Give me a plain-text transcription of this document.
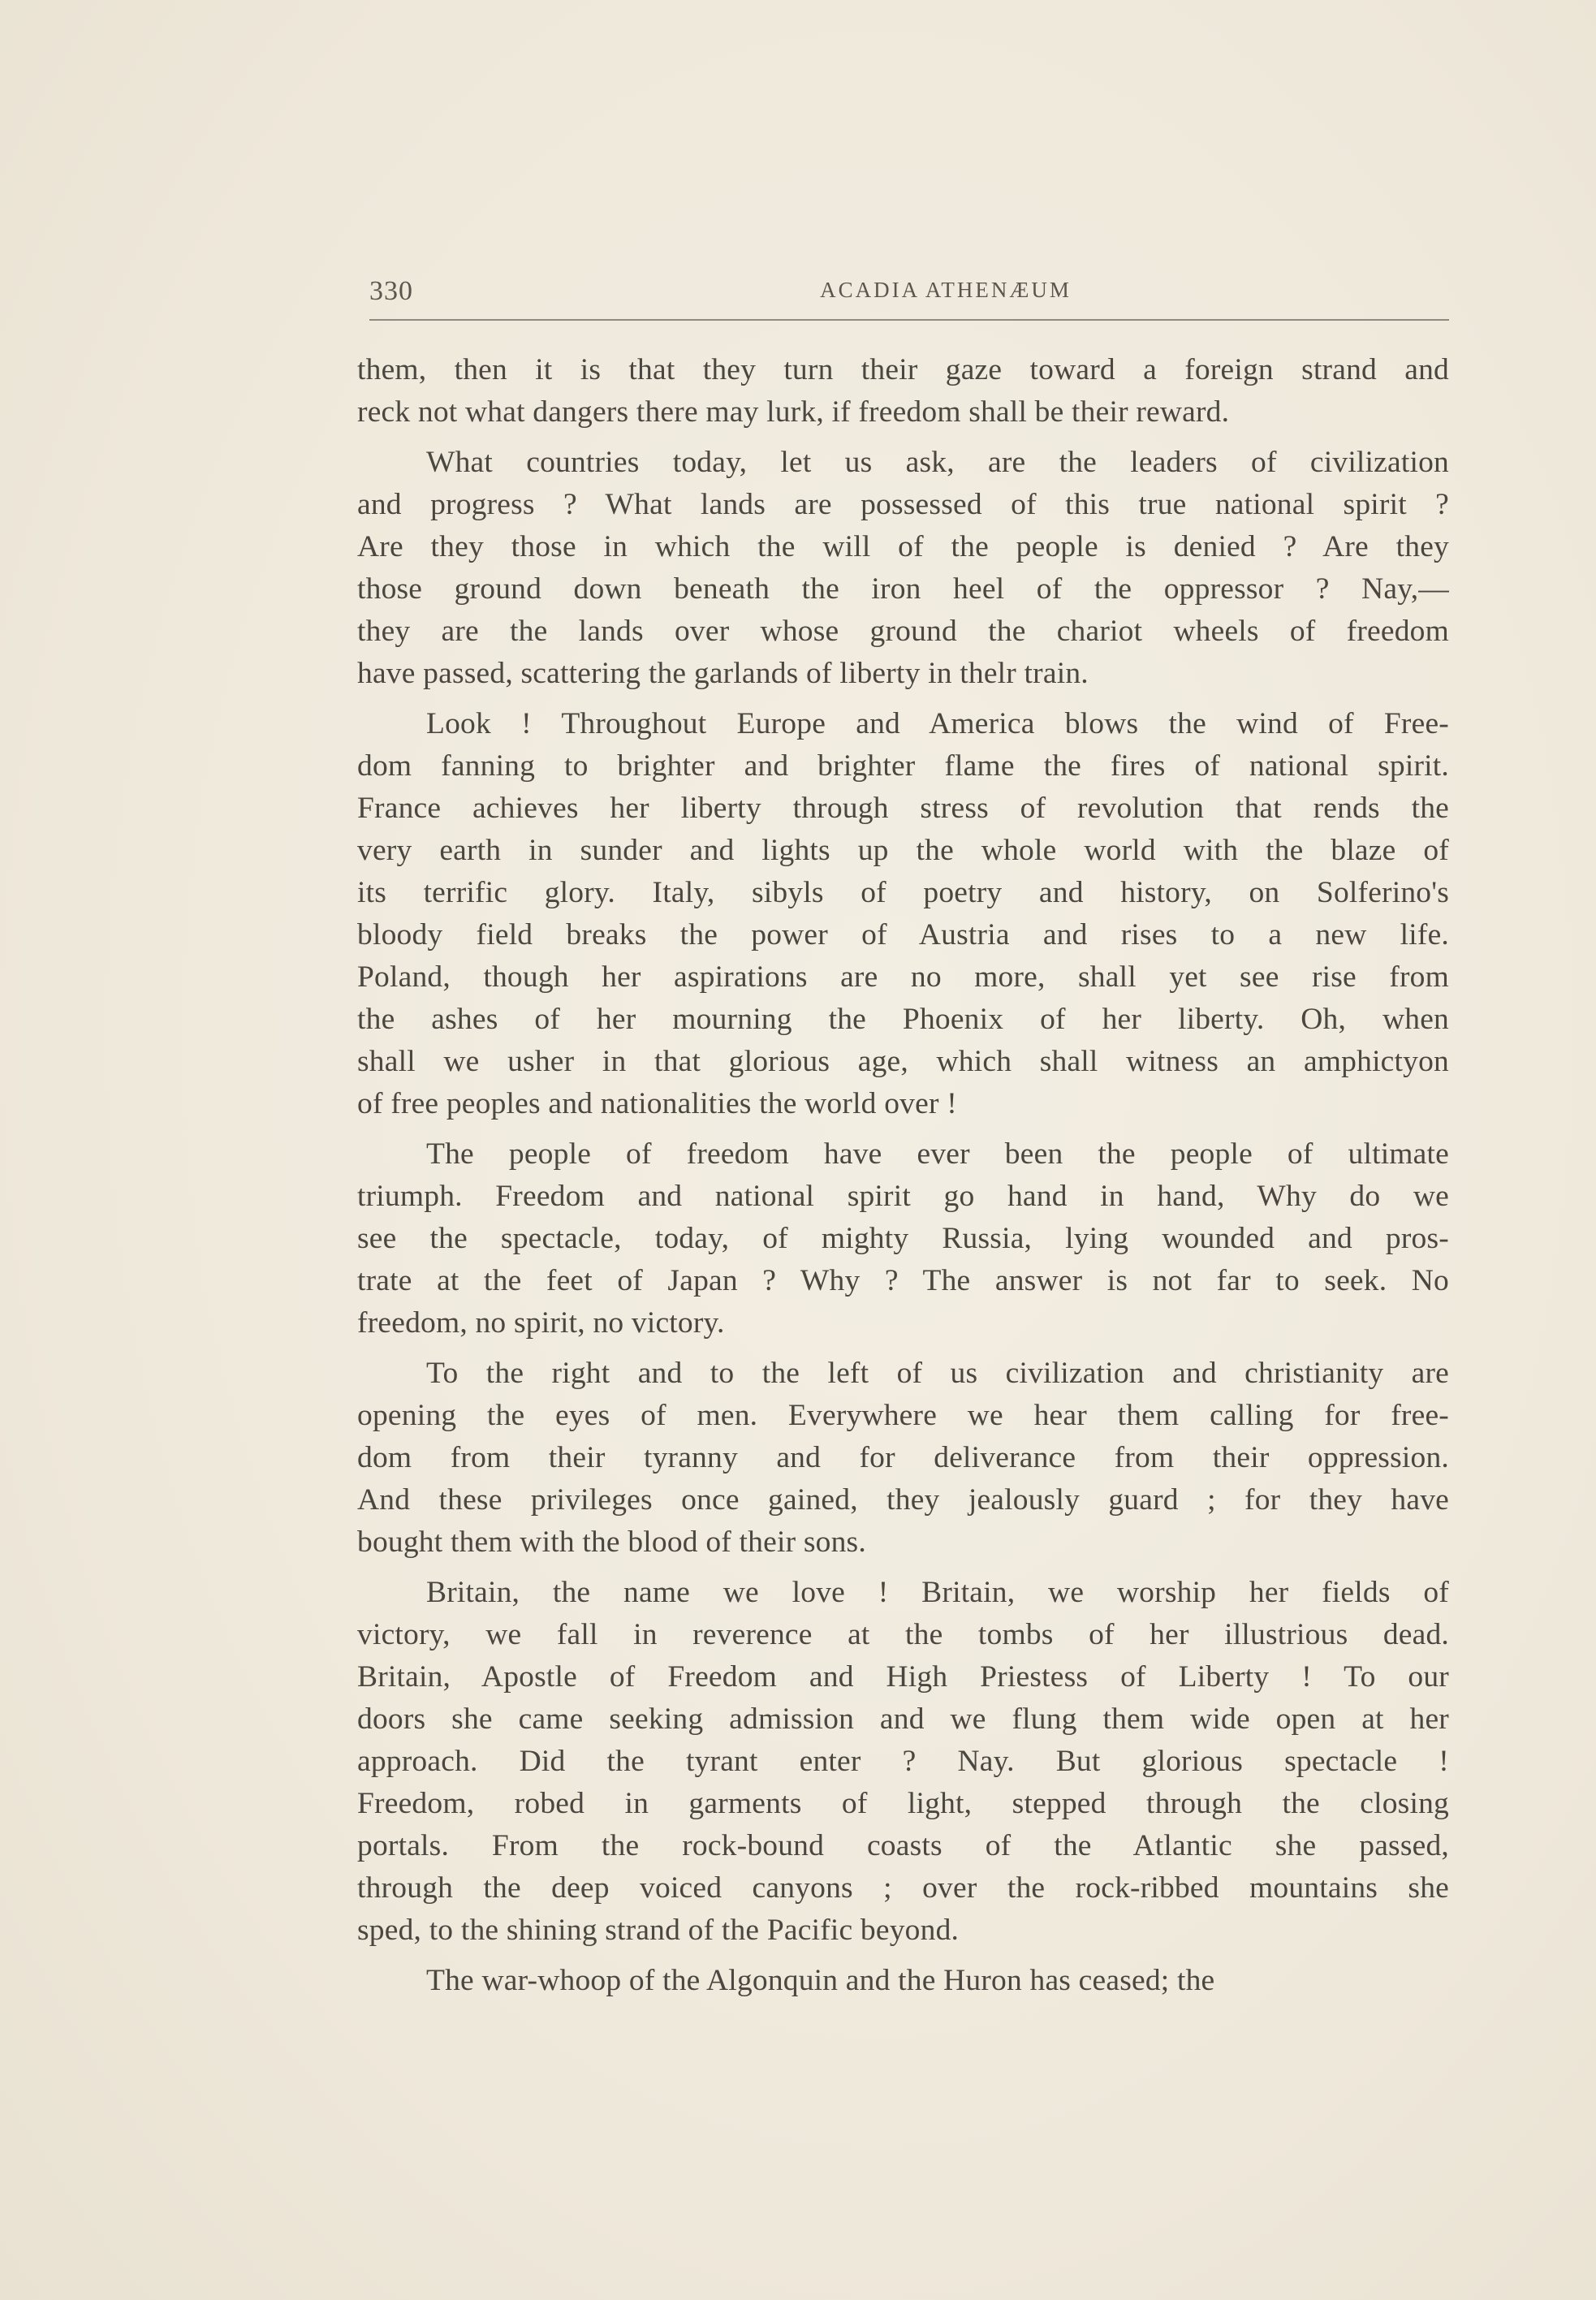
330	ACADIA ATHENÆUM

them, then it is that they turn their gaze toward a foreign strand and
reck not what dangers there may lurk, if freedom shall be their reward.

What countries today, let us ask, are the leaders of civilization
and progress ? What lands are possessed of this true national spirit ?
Are they those in which the will of the people is denied ? Are they
those ground down beneath the iron heel of the oppressor ? Nay,—
they are the lands over whose ground the chariot wheels of freedom
have passed, scattering the garlands of liberty in thelr train.

Look ! Throughout Europe and America blows the wind of Free-
dom fanning to brighter and brighter flame the fires of national spirit.
France achieves her liberty through stress of revolution that rends the
very earth in sunder and lights up the whole world with the blaze of
its terrific glory. Italy, sibyls of poetry and history, on Solferino's
bloody field breaks the power of Austria and rises to a new life.
Poland, though her aspirations are no more, shall yet see rise from
the ashes of her mourning the Phoenix of her liberty. Oh, when
shall we usher in that glorious age, which shall witness an amphictyon
of free peoples and nationalities the world over !

The people of freedom have ever been the people of ultimate
triumph. Freedom and national spirit go hand in hand, Why do we
see the spectacle, today, of mighty Russia, lying wounded and pros-
trate at the feet of Japan ? Why ? The answer is not far to seek. No
freedom, no spirit, no victory.

To the right and to the left of us civilization and christianity are
opening the eyes of men. Everywhere we hear them calling for free-
dom from their tyranny and for deliverance from their oppression.
And these privileges once gained, they jealously guard ; for they have
bought them with the blood of their sons.

Britain, the name we love ! Britain, we worship her fields of
victory, we fall in reverence at the tombs of her illustrious dead.
Britain, Apostle of Freedom and High Priestess of Liberty ! To our
doors she came seeking admission and we flung them wide open at her
approach. Did the tyrant enter ? Nay. But glorious spectacle !
Freedom, robed in garments of light, stepped through the closing
portals. From the rock-bound coasts of the Atlantic she passed,
through the deep voiced canyons ; over the rock-ribbed mountains she
sped, to the shining strand of the Pacific beyond.

The war-whoop of the Algonquin and the Huron has ceased; the
